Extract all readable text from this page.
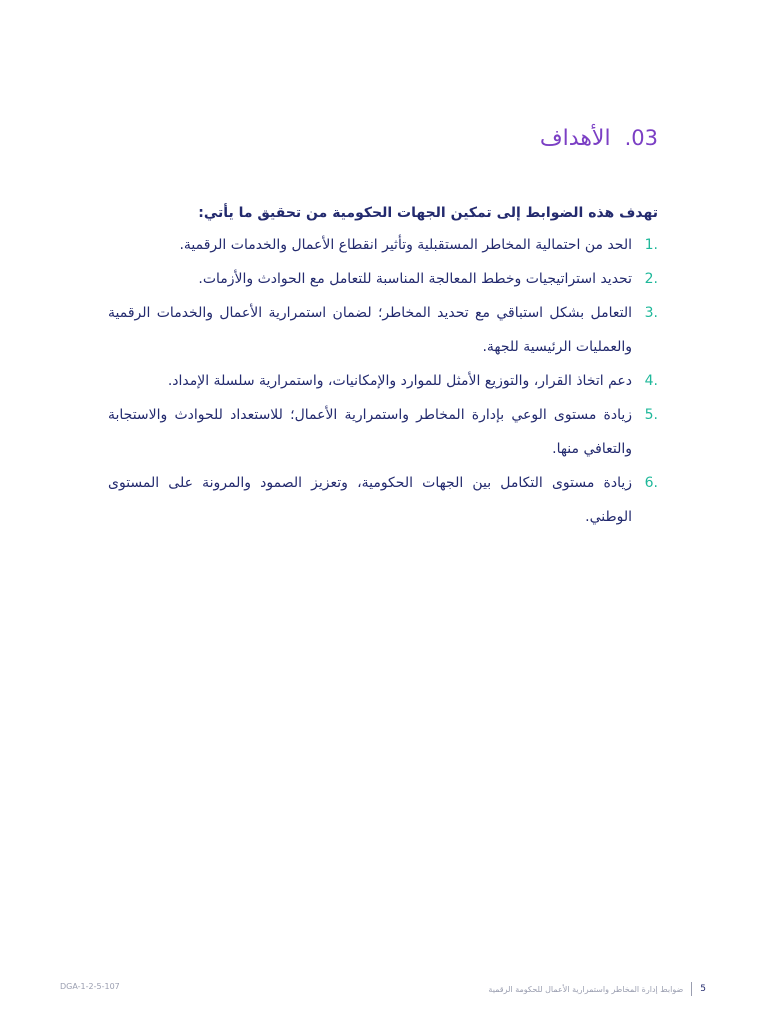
.03
الأهداف

تهدف هذه الضوابط إلى تمكين الجهات الحكومية من تحقيق ما يأتي:

1.
الحد من احتمالية المخاطر المستقبلية وتأثير انقطاع الأعمال والخدمات الرقمية.
2.
تحديد استراتيجيات وخطط المعالجة المناسبة للتعامل مع الحوادث والأزمات.
3.
التعامل بشكل استباقي مع تحديد المخاطر؛ لضمان استمرارية الأعمال والخدمات الرقمية والعمليات الرئيسية للجهة.
4.
دعم اتخاذ القرار، والتوزيع الأمثل للموارد والإمكانيات، واستمرارية سلسلة الإمداد.
5.
زيادة مستوى الوعي بإدارة المخاطر واستمرارية الأعمال؛ للاستعداد للحوادث والاستجابة والتعافي منها.
6.
زيادة مستوى التكامل بين الجهات الحكومية، وتعزيز الصمود والمرونة على المستوى الوطني.
DGA-1-2-5-107	5
ضوابط إدارة المخاطر واستمرارية الأعمال للحكومة الرقمية
